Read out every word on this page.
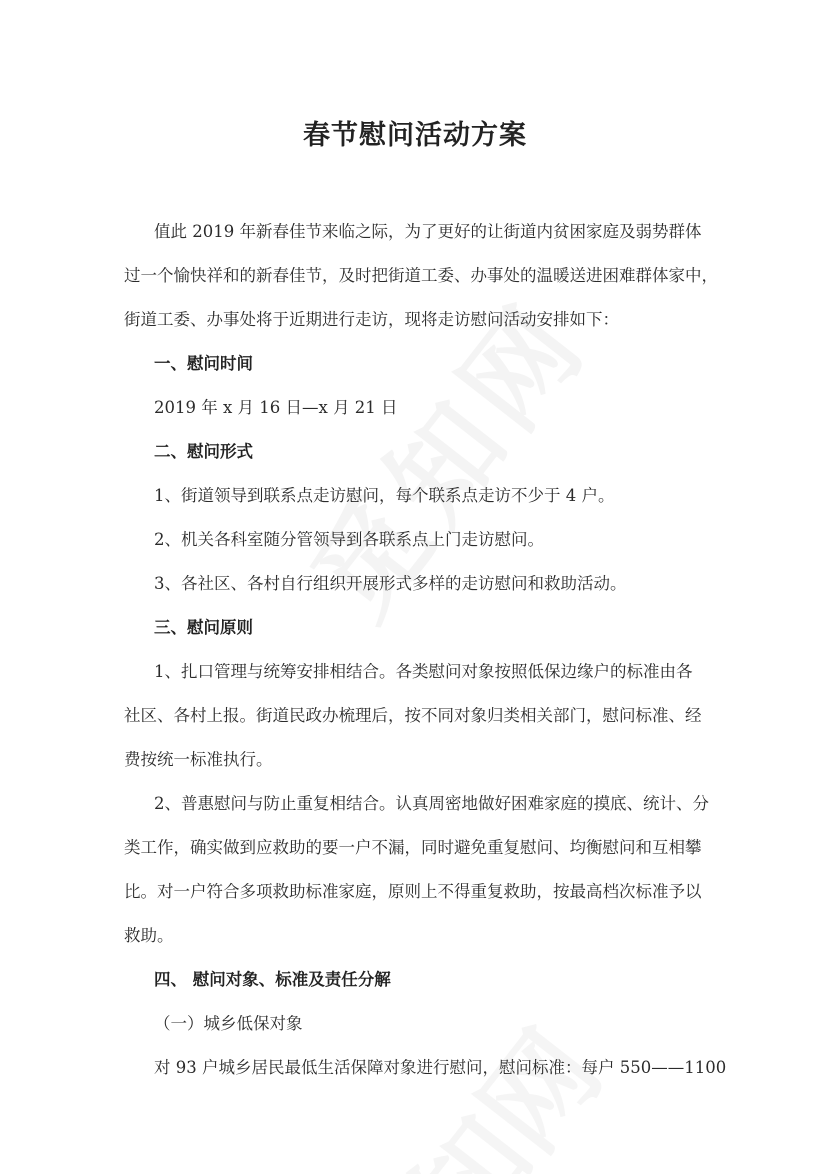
春节慰问活动方案
值此 2019 年新春佳节来临之际，为了更好的让街道内贫困家庭及弱势群体
过一个愉快祥和的新春佳节，及时把街道工委、办事处的温暖送进困难群体家中，
街道工委、办事处将于近期进行走访，现将走访慰问活动安排如下：
一、慰问时间
2019 年 x 月 16 日—x 月 21 日
二、慰问形式
1、街道领导到联系点走访慰问，每个联系点走访不少于 4 户。
2、机关各科室随分管领导到各联系点上门走访慰问。
3、各社区、各村自行组织开展形式多样的走访慰问和救助活动。
三、慰问原则
1、扎口管理与统筹安排相结合。各类慰问对象按照低保边缘户的标准由各
社区、各村上报。街道民政办梳理后，按不同对象归类相关部门，慰问标准、经
费按统一标准执行。
2、普惠慰问与防止重复相结合。认真周密地做好困难家庭的摸底、统计、分
类工作，确实做到应救助的要一户不漏，同时避免重复慰问、均衡慰问和互相攀
比。对一户符合多项救助标准家庭，原则上不得重复救助，按最高档次标准予以
救助。
四、 慰问对象、标准及责任分解
（一）城乡低保对象
对 93 户城乡居民最低生活保障对象进行慰问，慰问标准：每户 550——1100
